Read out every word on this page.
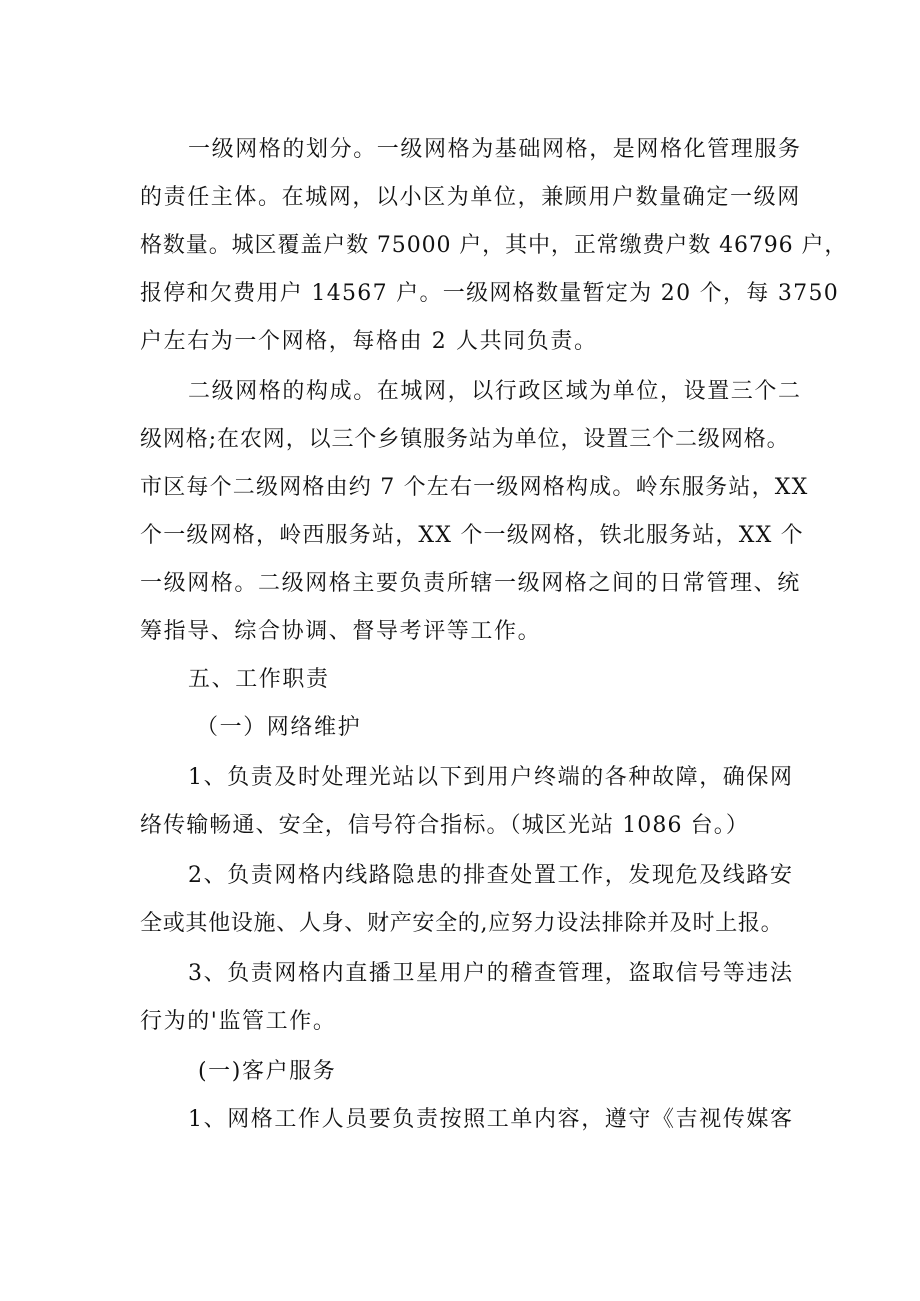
一级网格的划分。一级网格为基础网格，是网格化管理服务
的责任主体。在城网，以小区为单位，兼顾用户数量确定一级网
格数量。城区覆盖户数 75000 户，其中，正常缴费户数 46796 户，
报停和欠费用户 14567 户。一级网格数量暂定为 20 个，每 3750
户左右为一个网格，每格由 2 人共同负责。
二级网格的构成。在城网，以行政区域为单位，设置三个二
级网格;在农网，以三个乡镇服务站为单位，设置三个二级网格。
市区每个二级网格由约 7 个左右一级网格构成。岭东服务站，XX
个一级网格，岭西服务站，XX 个一级网格，铁北服务站，XX 个
一级网格。二级网格主要负责所辖一级网格之间的日常管理、统
筹指导、综合协调、督导考评等工作。
五、工作职责
（一）网络维护
1、负责及时处理光站以下到用户终端的各种故障，确保网
络传输畅通、安全，信号符合指标。（城区光站 1086 台。）
2、负责网格内线路隐患的排查处置工作，发现危及线路安
全或其他设施、人身、财产安全的,应努力设法排除并及时上报。
3、负责网格内直播卫星用户的稽查管理，盗取信号等违法
行为的'监管工作。
(一)客户服务
1、网格工作人员要负责按照工单内容，遵守《吉视传媒客
